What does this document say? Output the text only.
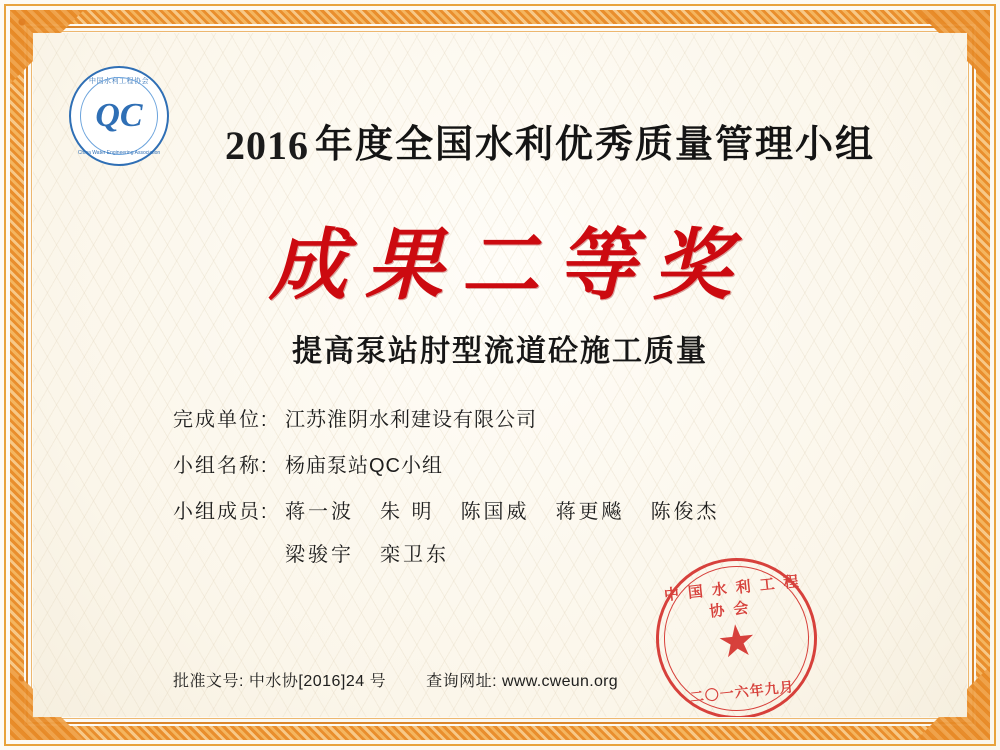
中国水利工程协会
QC
China Water Engineering Association	2016 年度全国水利优秀质量管理小组
成果二等奖
提高泵站肘型流道砼施工质量
完成单位: 江苏淮阴水利建设有限公司
小组名称: 杨庙泵站QC小组
小组成员: 蒋一波 朱 明 陈国威 蒋更飚 陈俊杰
梁骏宇 栾卫东
中国水利工程协会
★
二〇一六年九月
批准文号: 中水协[2016]24 号	查询网址: www.cweun.org
